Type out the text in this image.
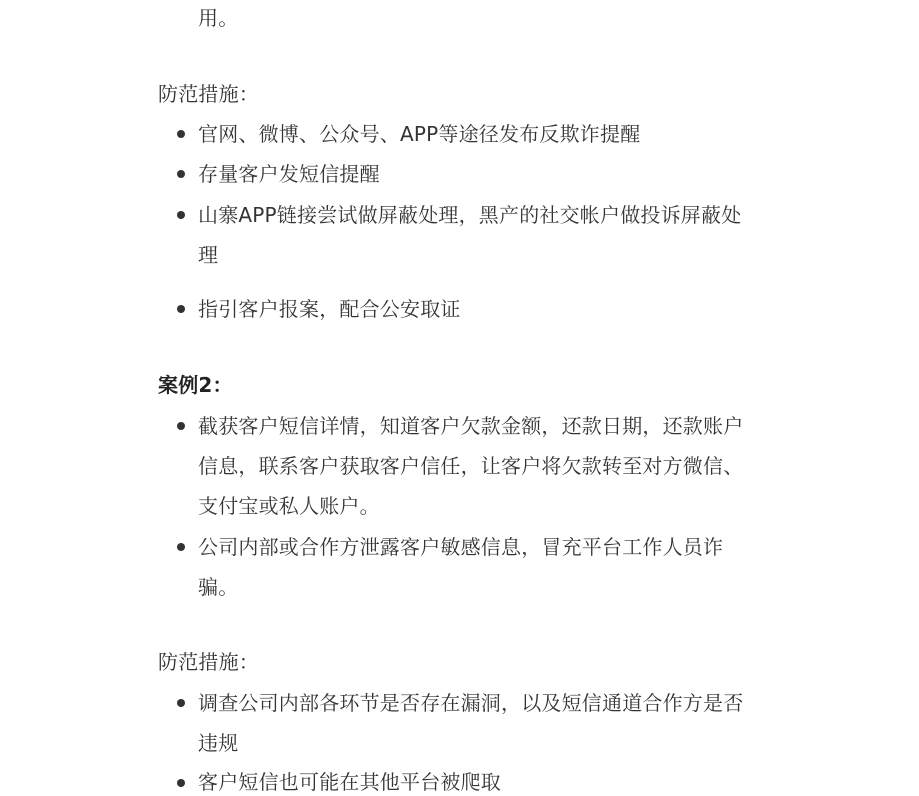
用。
防范措施：
官网、微博、公众号、APP等途径发布反欺诈提醒
存量客户发短信提醒
山寨APP链接尝试做屏蔽处理，黑产的社交帐户做投诉屏蔽处
理
指引客户报案，配合公安取证
案例2：
截获客户短信详情，知道客户欠款金额，还款日期，还款账户
信息，联系客户获取客户信任，让客户将欠款转至对方微信、
支付宝或私人账户。
公司内部或合作方泄露客户敏感信息，冒充平台工作人员诈
骗。
防范措施：
调查公司内部各环节是否存在漏洞，以及短信通道合作方是否
违规
客户短信也可能在其他平台被爬取
